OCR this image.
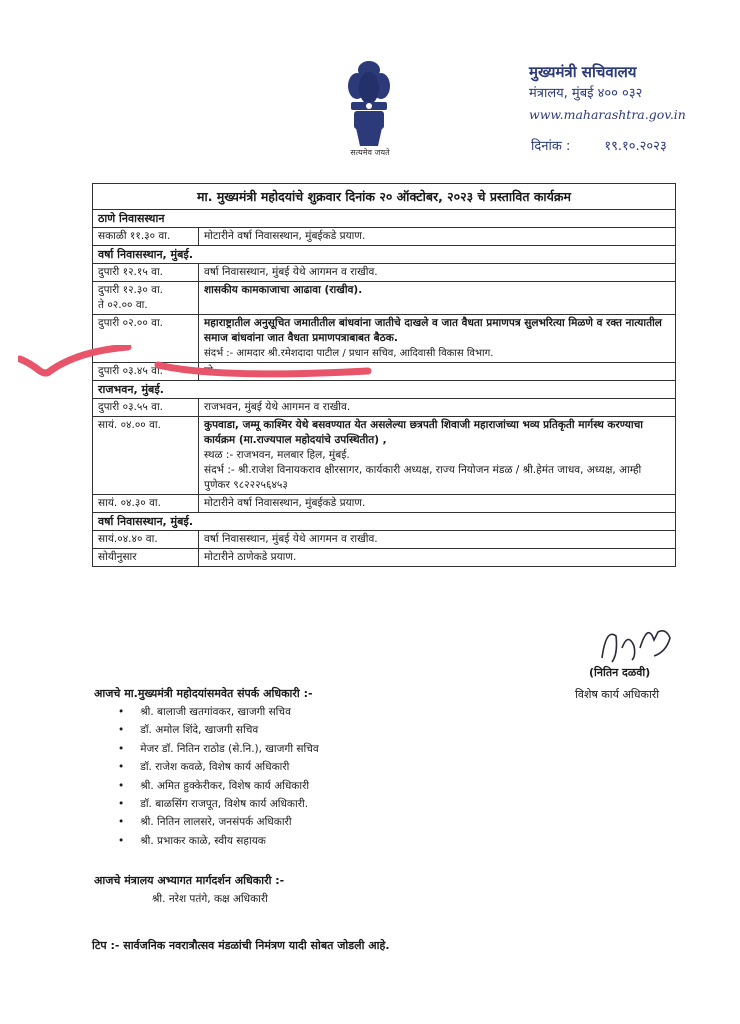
सत्यमेव जयते
मुख्यमंत्री सचिवालय
मंत्रालय, मुंबई ४०० ०३२
www.maharashtra.gov.in
दिनांक :	१९.१०.२०२३
मा. मुख्यमंत्री महोदयांचे शुक्रवार दिनांक २० ऑक्टोबर, २०२३ चे प्रस्तावित कार्यक्रम	
ठाणे निवासस्थान	
सकाळी ११.३० वा.	मोटारीने वर्षा निवासस्थान, मुंबईकडे प्रयाण.
वर्षा निवासस्थान, मुंबई.	
दुपारी १२.१५ वा.	वर्षा निवासस्थान, मुंबई येथे आगमन व राखीव.

दुपारी १२.३० वा.
ते ०२.०० वा.	शासकीय कामकाजाचा आढावा (राखीव).
दुपारी ०२.०० वा.	महाराष्ट्रातील अनुसूचित जमातीतील बांधवांना जातीचे दाखले व जात वैधता प्रमाणपत्र सुलभरित्या मिळणे व रक्त नात्यातील समाज बांधवांना जात वैधता प्रमाणपत्राबाबत बैठक.
संदर्भ :- आमदार श्री.रमेशदादा पाटील / प्रधान सचिव, आदिवासी विकास विभाग.

दुपारी ०३.४५ वा.	मो
राजभवन, मुंबई.	
दुपारी ०३.५५ वा.	राजभवन, मुंबई येथे आगमन व राखीव.
सायं. ०४.०० वा.	कुपवाडा, जम्मू काश्मिर येथे बसवण्यात येत असलेल्या छत्रपती शिवाजी महाराजांच्या भव्य प्रतिकृती मार्गस्थ करण्याचा कार्यक्रम (मा.राज्यपाल महोदयांचे उपस्थितीत) ,
स्थळ :- राजभवन, मलबार हिल, मुंबई.
संदर्भ :- श्री.राजेश विनायकराव क्षीरसागर, कार्यकारी अध्यक्ष, राज्य नियोजन मंडळ / श्री.हेमंत जाधव, अध्यक्ष, आम्ही पुणेकर ९८२२२५६४५३

सायं. ०४.३० वा.	मोटारीने वर्षा निवासस्थान, मुंबईकडे प्रयाण.
वर्षा निवासस्थान, मुंबई.	
सायं.०४.४० वा.	वर्षा निवासस्थान, मुंबई येथे आगमन व राखीव.
सोयीनुसार	मोटारीने ठाणेकडे प्रयाण.
(नितिन दळवी)
विशेष कार्य अधिकारी
आजचे मा.मुख्यमंत्री महोदयांसमवेत संपर्क अधिकारी :-
• श्री. बालाजी खतगांवकर, खाजगी सचिव
• डॉ. अमोल शिंदे, खाजगी सचिव
• मेजर डॉ. नितिन राठोड (से.नि.), खाजगी सचिव
• डॉ. राजेश कवळे, विशेष कार्य अधिकारी
• श्री. अमित हुक्केरीकर, विशेष कार्य अधिकारी
• डॉ. बाळसिंग राजपूत, विशेष कार्य अधिकारी.
• श्री. नितिन लालसरे, जनसंपर्क अधिकारी
• श्री. प्रभाकर काळे, स्वीय सहायक
आजचे मंत्रालय अभ्यागत मार्गदर्शन अधिकारी :-
श्री. नरेश पतंगे, कक्ष अधिकारी
टिप :- सार्वजनिक नवरात्रौत्सव मंडळांची निमंत्रण यादी सोबत जोडली आहे.
